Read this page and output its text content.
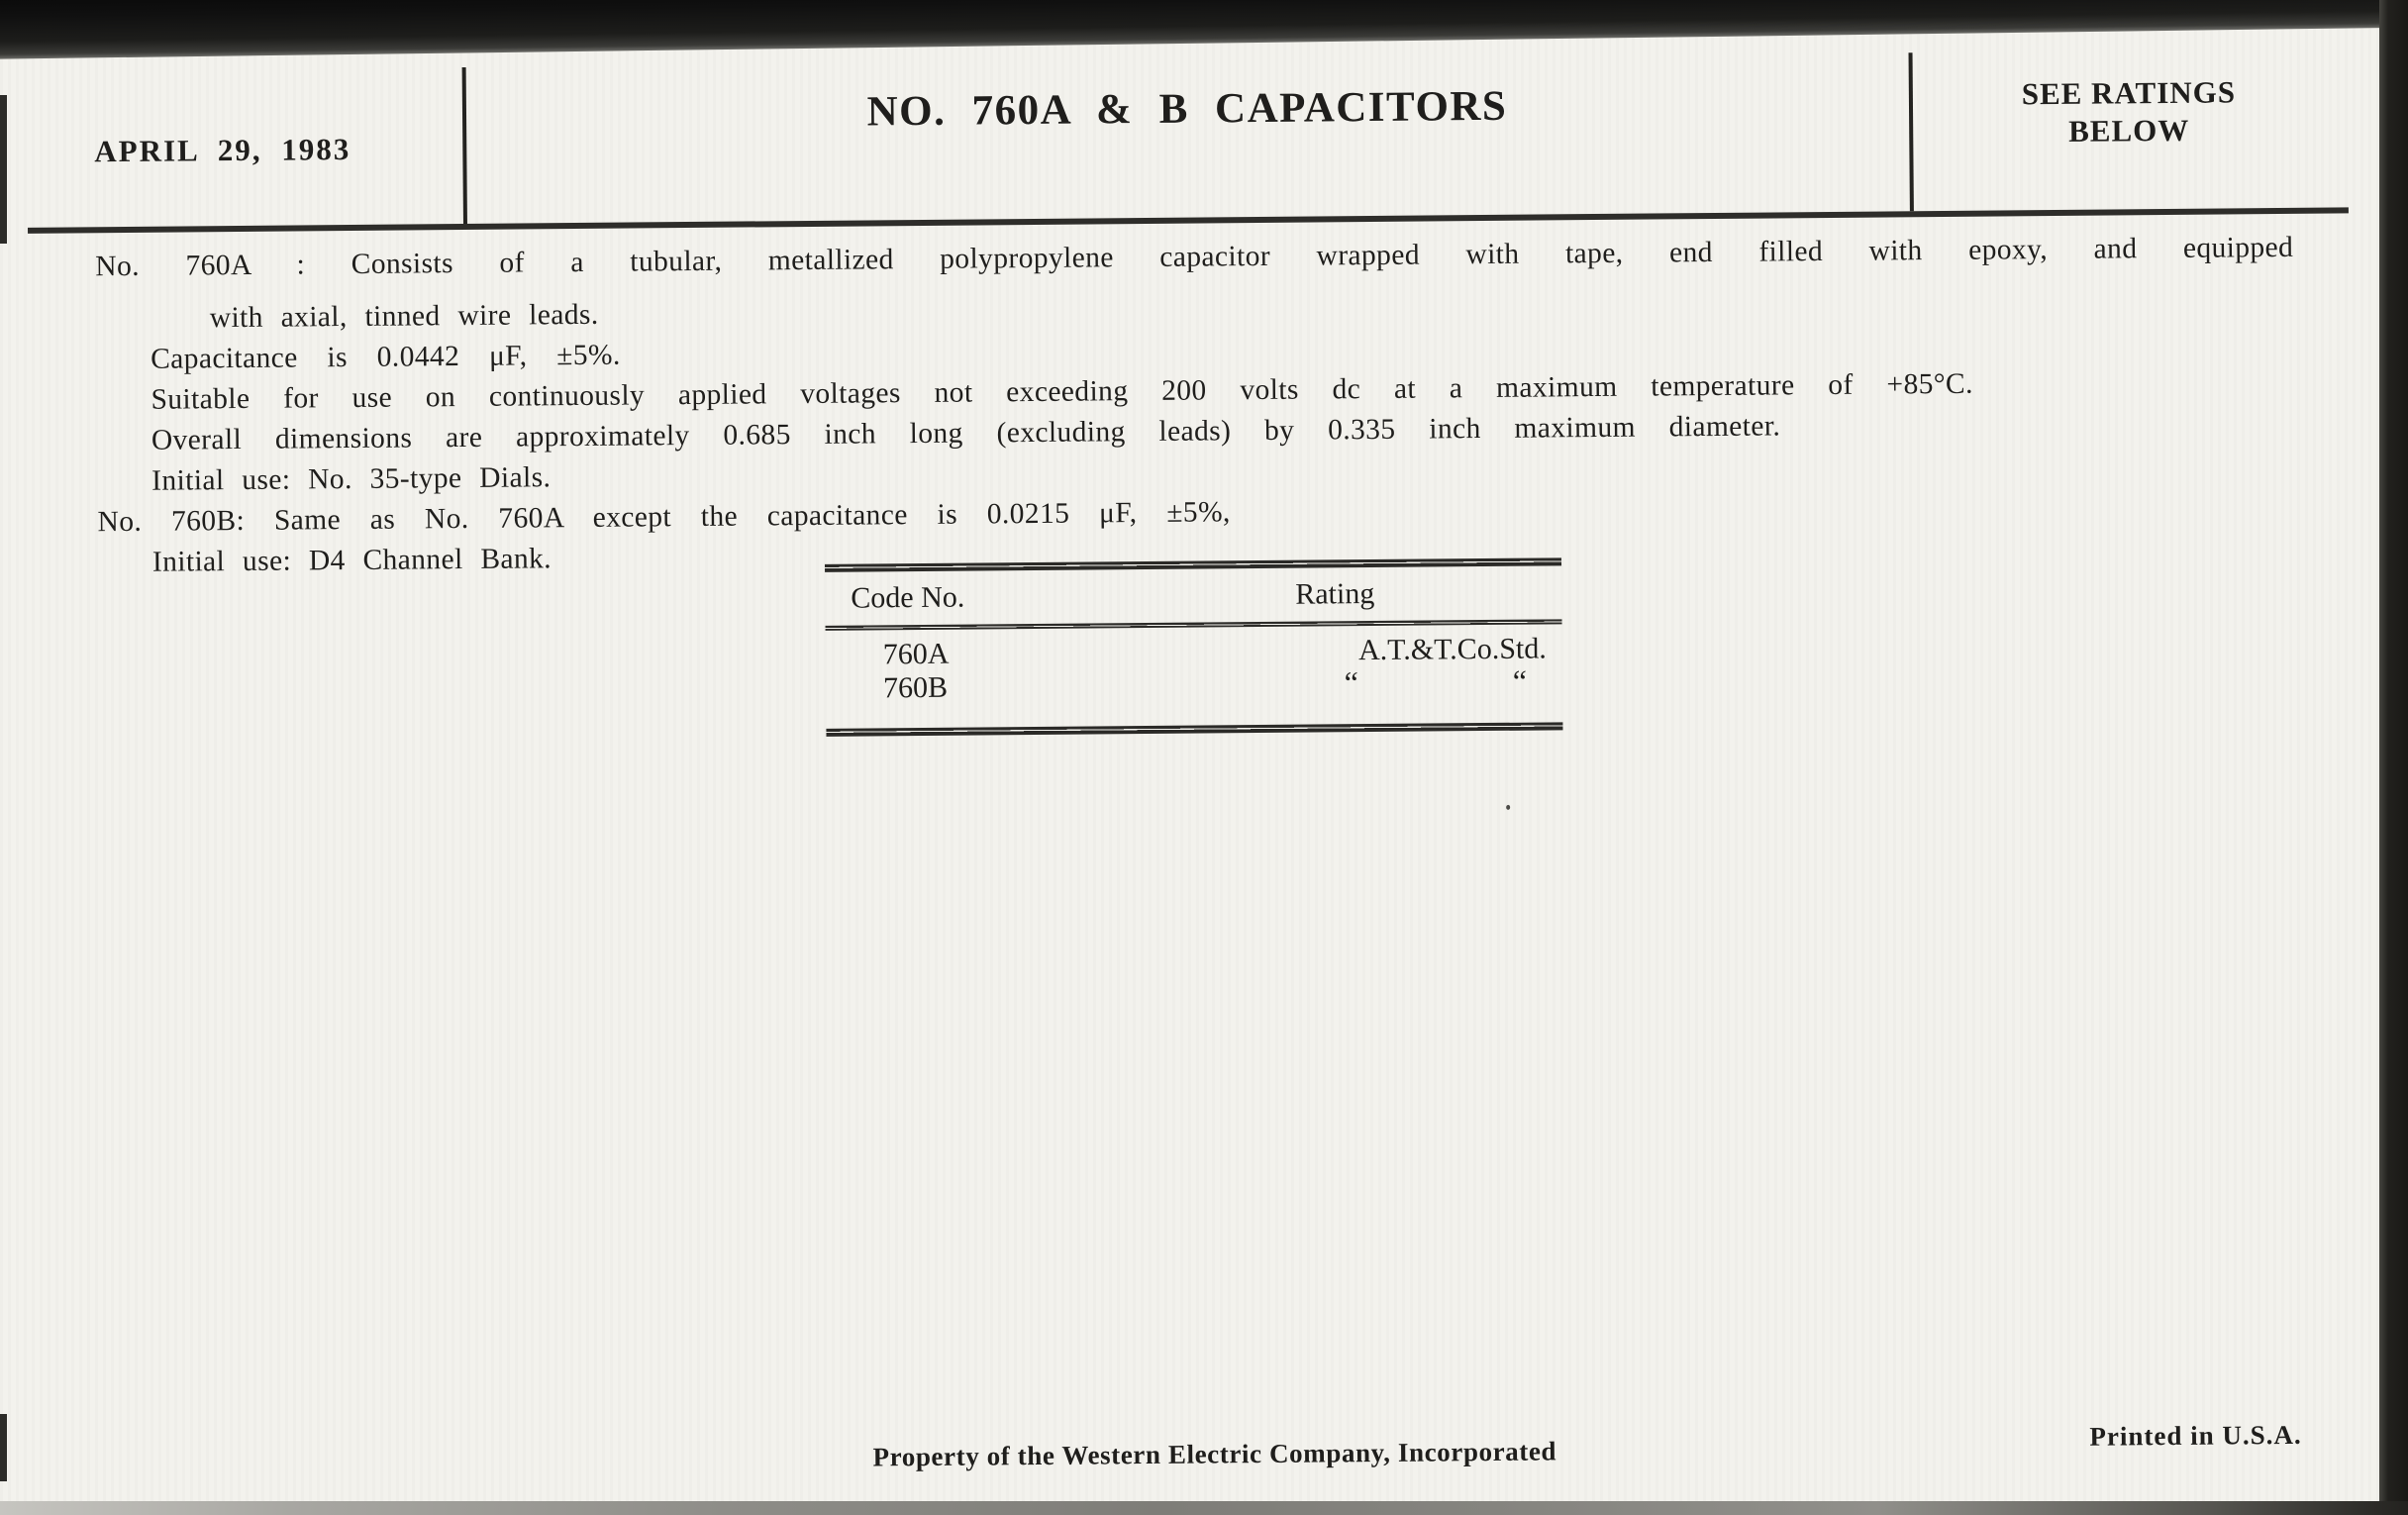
APRIL 29, 1983
NO. 760A & B CAPACITORS	SEE RATINGS
BELOW
No. 760A : Consists of a tubular, metallized polypropylene capacitor wrapped with tape, end filled with epoxy, and equipped
with axial, tinned wire leads.
Capacitance is 0.0442 μF, ±5%.
Suitable for use on continuously applied voltages not exceeding 200 volts dc at a maximum temperature of +85°C.
Overall dimensions are approximately 0.685 inch long (excluding leads) by 0.335 inch maximum diameter.
Initial use: No. 35-type Dials.
No. 760B: Same as No. 760A except the capacitance is 0.0215 μF, ±5%,
Initial use: D4 Channel Bank.
Code No.	Rating
760A	A.T.&T.Co.Std.
760B	“ “
Property of the Western Electric Company, Incorporated
Printed in U.S.A.
